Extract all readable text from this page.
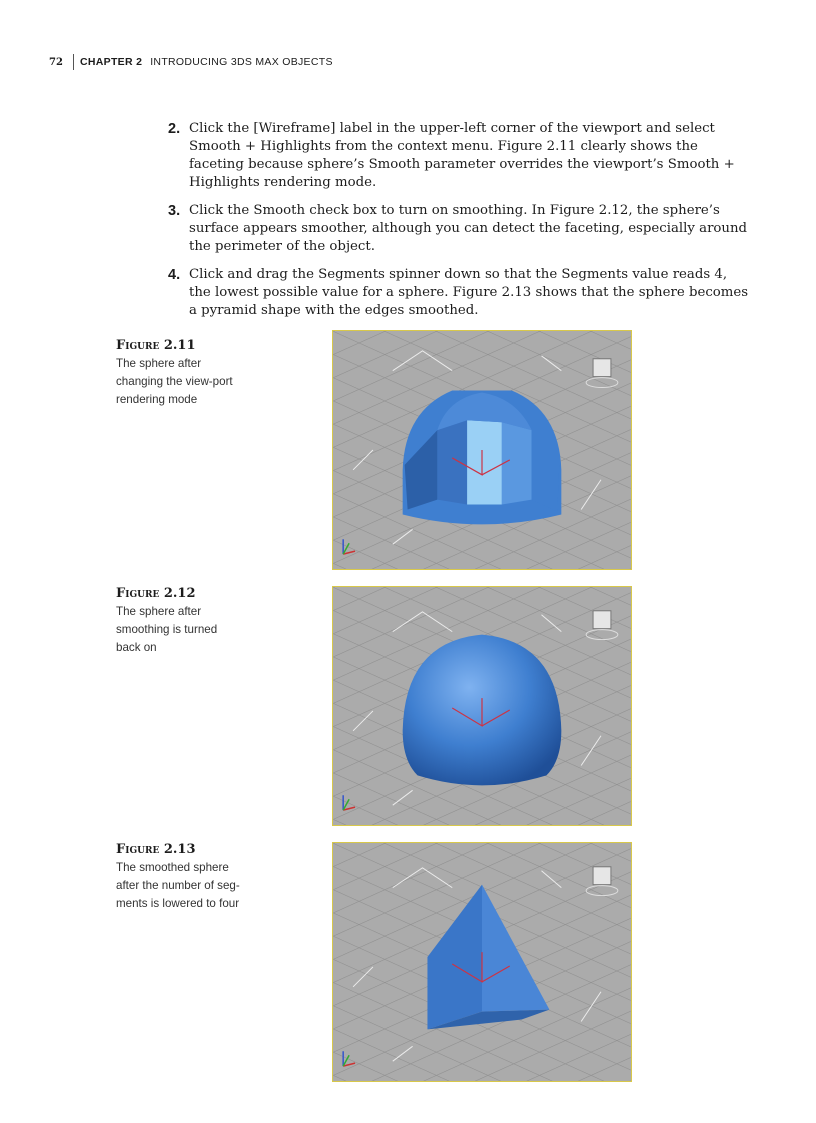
72	CHAPTER 2 INTRODUCING 3DS MAX OBJECTS
2. Click the [Wireframe] label in the upper-left corner of the viewport and select Smooth + Highlights from the context menu. Figure 2.11 clearly shows the faceting because sphere’s Smooth parameter overrides the viewport’s Smooth + Highlights rendering mode.
3. Click the Smooth check box to turn on smoothing. In Figure 2.12, the sphere’s surface appears smoother, although you can detect the faceting, especially around the perimeter of the object.
4. Click and drag the Segments spinner down so that the Segments value reads 4, the lowest possible value for a sphere. Figure 2.13 shows that the sphere becomes a pyramid shape with the edges smoothed.
Figure 2.11
The sphere after changing the view-port rendering mode
Figure 2.12
The sphere after smoothing is turned back on
Figure 2.13
The smoothed sphere after the number of seg-ments is lowered to four
